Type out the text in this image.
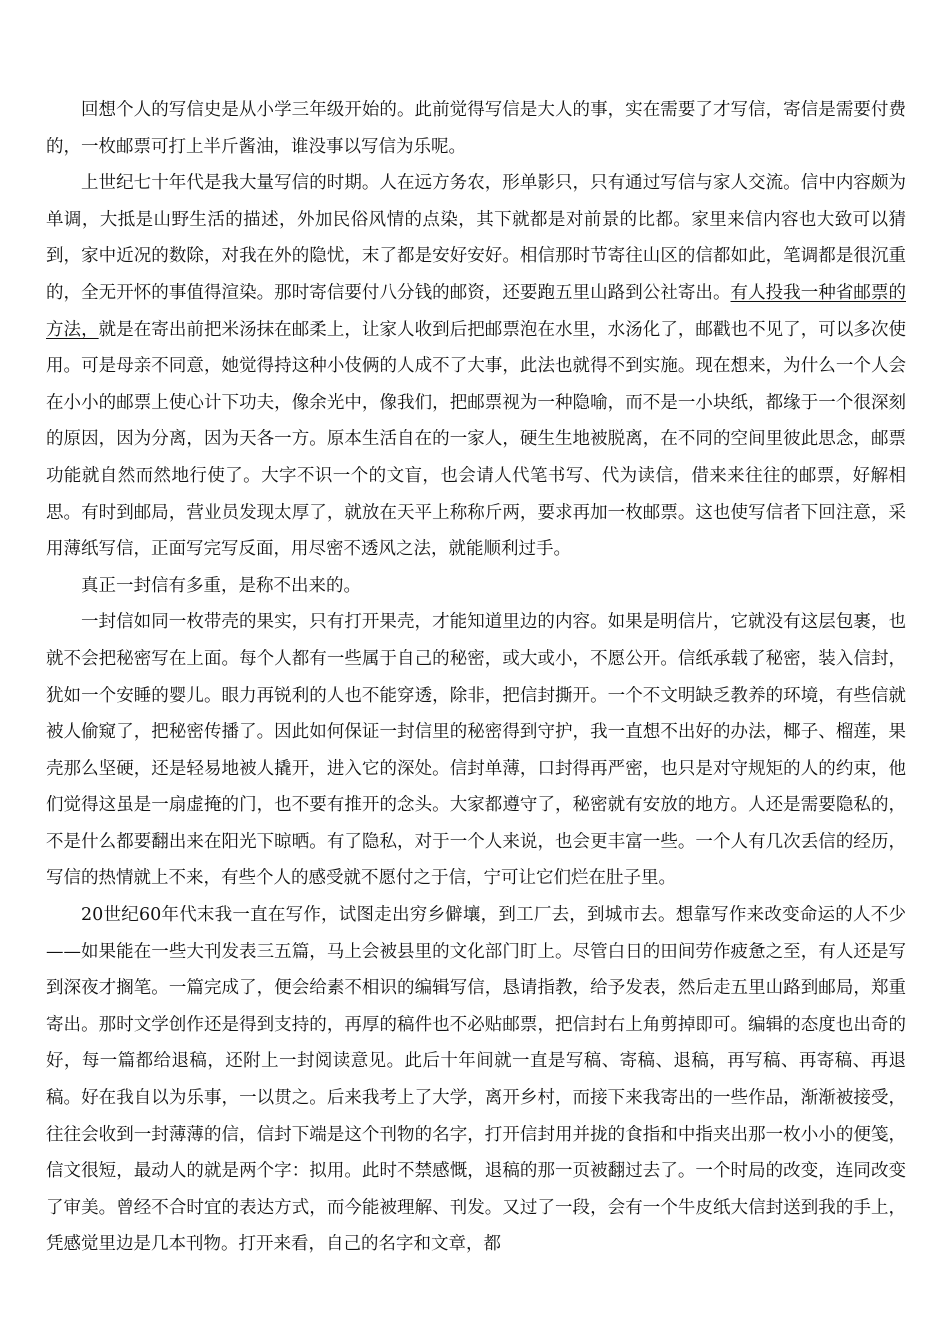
回想个人的写信史是从小学三年级开始的。此前觉得写信是大人的事，实在需要了才写信，寄信是需要付费的，一枚邮票可打上半斤酱油，谁没事以写信为乐呢。

上世纪七十年代是我大量写信的时期。人在远方务农，形单影只，只有通过写信与家人交流。信中内容颇为单调，大抵是山野生活的描述，外加民俗风情的点染，其下就都是对前景的比都。家里来信内容也大致可以猜到，家中近况的数除，对我在外的隐忧，末了都是安好安好。相信那时节寄往山区的信都如此，笔调都是很沉重的，全无开怀的事值得渲染。那时寄信要付八分钱的邮资，还要跑五里山路到公社寄出。有人投我一种省邮票的方法，就是在寄出前把米汤抹在邮柔上，让家人收到后把邮票泡在水里，水汤化了，邮戳也不见了，可以多次使用。可是母亲不同意，她觉得持这种小伎俩的人成不了大事，此法也就得不到实施。现在想来，为什么一个人会在小小的邮票上使心计下功夫，像余光中，像我们，把邮票视为一种隐喻，而不是一小块纸，都缘于一个很深刻的原因，因为分离，因为天各一方。原本生活自在的一家人，硬生生地被脱离，在不同的空间里彼此思念，邮票功能就自然而然地行使了。大字不识一个的文盲，也会请人代笔书写、代为读信，借来来往往的邮票，好解相思。有时到邮局，营业员发现太厚了，就放在天平上称称斤两，要求再加一枚邮票。这也使写信者下回注意，采用薄纸写信，正面写完写反面，用尽密不透风之法，就能顺利过手。

真正一封信有多重，是称不出来的。

一封信如同一枚带壳的果实，只有打开果壳，才能知道里边的内容。如果是明信片，它就没有这层包裹，也就不会把秘密写在上面。每个人都有一些属于自己的秘密，或大或小，不愿公开。信纸承载了秘密，装入信封，犹如一个安睡的婴儿。眼力再锐利的人也不能穿透，除非，把信封撕开。一个不文明缺乏教养的环境，有些信就被人偷窥了，把秘密传播了。因此如何保证一封信里的秘密得到守护，我一直想不出好的办法，椰子、榴莲，果壳那么坚硬，还是轻易地被人撬开，进入它的深处。信封单薄，口封得再严密，也只是对守规矩的人的约束，他们觉得这虽是一扇虚掩的门，也不要有推开的念头。大家都遵守了，秘密就有安放的地方。人还是需要隐私的，不是什么都要翻出来在阳光下晾晒。有了隐私，对于一个人来说，也会更丰富一些。一个人有几次丢信的经历，写信的热情就上不来，有些个人的感受就不愿付之于信，宁可让它们烂在肚子里。

20世纪60年代末我一直在写作，试图走出穷乡僻壤，到工厂去，到城市去。想靠写作来改变命运的人不少——如果能在一些大刊发表三五篇，马上会被县里的文化部门盯上。尽管白日的田间劳作疲惫之至，有人还是写到深夜才搁笔。一篇完成了，便会给素不相识的编辑写信，恳请指教，给予发表，然后走五里山路到邮局，郑重寄出。那时文学创作还是得到支持的，再厚的稿件也不必贴邮票，把信封右上角剪掉即可。编辑的态度也出奇的好，每一篇都给退稿，还附上一封阅读意见。此后十年间就一直是写稿、寄稿、退稿，再写稿、再寄稿、再退稿。好在我自以为乐事，一以贯之。后来我考上了大学，离开乡村，而接下来我寄出的一些作品，渐渐被接受，往往会收到一封薄薄的信，信封下端是这个刊物的名字，打开信封用并拢的食指和中指夹出那一枚小小的便笺，信文很短，最动人的就是两个字：拟用。此时不禁感慨，退稿的那一页被翻过去了。一个时局的改变，连同改变了审美。曾经不合时宜的表达方式，而今能被理解、刊发。又过了一段，会有一个牛皮纸大信封送到我的手上，凭感觉里边是几本刊物。打开来看，自己的名字和文章，都
